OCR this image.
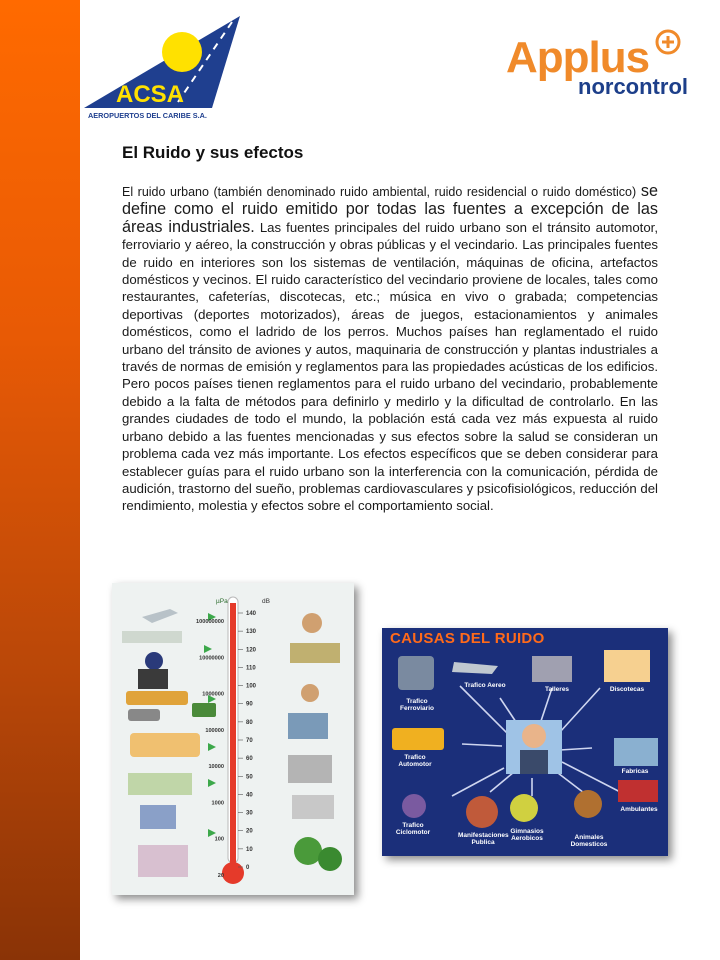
ACSA
AEROPUERTOS DEL CARIBE S.A.
Applus
norcontrol
El Ruido y sus efectos

El ruido urbano (también denominado ruido ambiental, ruido residencial o ruido doméstico) se define como el ruido emitido por todas las fuentes a excepción de las áreas industriales. Las fuentes principales del ruido urbano son el tránsito automotor, ferroviario y aéreo, la construcción y obras públicas y el vecindario. Las principales fuentes de ruido en interiores son los sistemas de ventilación, máquinas de oficina, artefactos domésticos y vecinos. El ruido característico del vecindario proviene de locales, tales como restaurantes, cafeterías, discotecas, etc.; música en vivo o grabada; competencias deportivas (deportes motorizados), áreas de juegos, estacionamientos y animales domésticos, como el ladrido de los perros. Muchos países han reglamentado el ruido urbano del tránsito de aviones y autos, maquinaria de construcción y plantas industriales a través de normas de emisión y reglamentos para las propiedades acústicas de los edificios. Pero pocos países tienen reglamentos para el ruido urbano del vecindario, probablemente debido a la falta de métodos para definirlo y medirlo y la dificultad de controlarlo. En las grandes ciudades de todo el mundo, la población está cada vez más expuesta al ruido urbano debido a las fuentes mencionadas y sus efectos sobre la salud se consideran un problema cada vez más importante. Los efectos específicos que se deben considerar para establecer guías para el ruido urbano son la interferencia con la comunicación, pérdida de audición, trastorno del sueño, problemas cardiovasculares y psicofisiológicos, reducción del rendimiento, molestia y efectos sobre el comportamiento social.

µPa	dB
100000000
10000000
1000000
100000
10000
1000
100
20
140
130
120
110
100
90
80
70
60
50
40
30
20
10
0
CAUSAS DEL RUIDO
Trafico Ferroviario
Trafico Aereo
Talleres	Discotecas
Trafico Automotor
Fabricas
Trafico Ciclomotor	Manifestaciones Publica
Gimnasios Aerobicos	Animales Domesticos
Ambulantes
